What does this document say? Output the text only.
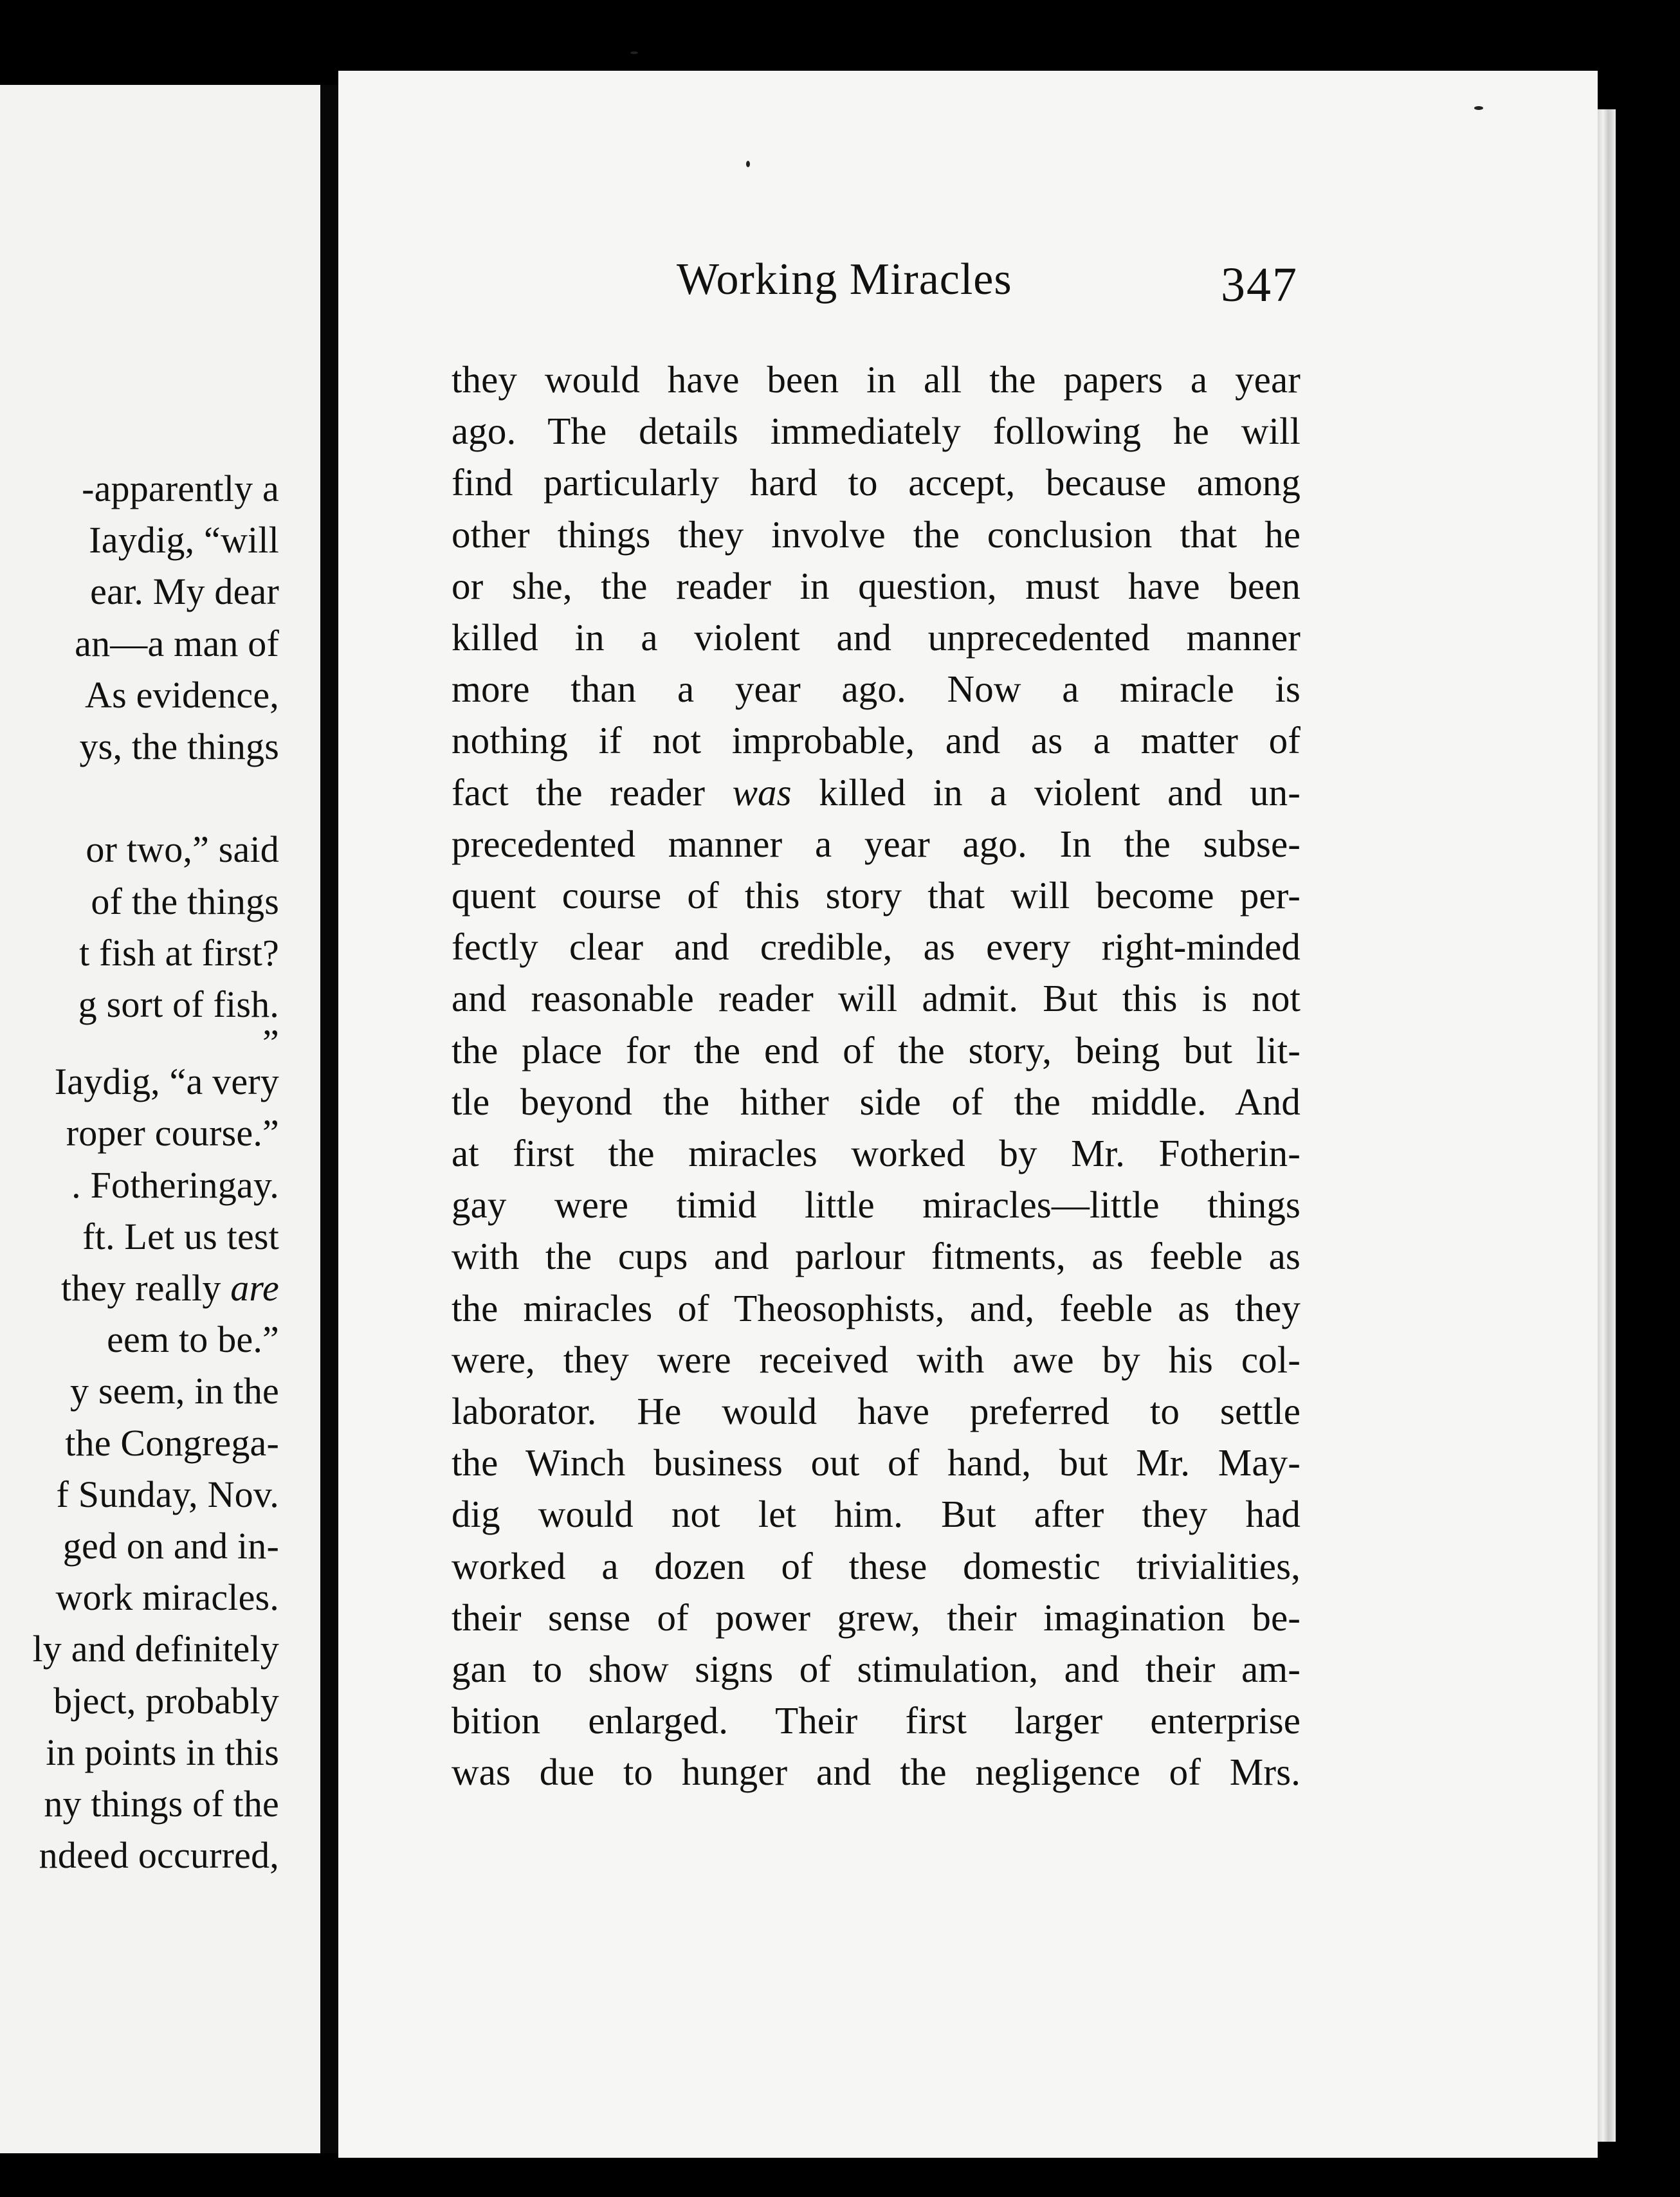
-apparently a
Iaydig, “will
ear. My dear
an—a man of
As evidence,
ys, the things

or two,” said
of the things
t fish at first?
g sort of fish.
”
Iaydig, “a very
roper course.”
. Fotheringay.
ft. Let us test
they really are
eem to be.”
y seem, in the
the Congrega-
f Sunday, Nov.
ged on and in-
work miracles.
ly and definitely
bject, probably
in points in this
ny things of the
ndeed occurred,
Working Miracles	347
they would have been in all the papers a year
ago. The details immediately following he will
find particularly hard to accept, because among
other things they involve the conclusion that he
or she, the reader in question, must have been
killed in a violent and unprecedented manner
more than a year ago. Now a miracle is
nothing if not improbable, and as a matter of
fact the reader was killed in a violent and un-
precedented manner a year ago. In the subse-
quent course of this story that will become per-
fectly clear and credible, as every right-minded
and reasonable reader will admit. But this is not
the place for the end of the story, being but lit-
tle beyond the hither side of the middle. And
at first the miracles worked by Mr. Fotherin-
gay were timid little miracles—little things
with the cups and parlour fitments, as feeble as
the miracles of Theosophists, and, feeble as they
were, they were received with awe by his col-
laborator. He would have preferred to settle
the Winch business out of hand, but Mr. May-
dig would not let him. But after they had
worked a dozen of these domestic trivialities,
their sense of power grew, their imagination be-
gan to show signs of stimulation, and their am-
bition enlarged. Their first larger enterprise
was due to hunger and the negligence of Mrs.
